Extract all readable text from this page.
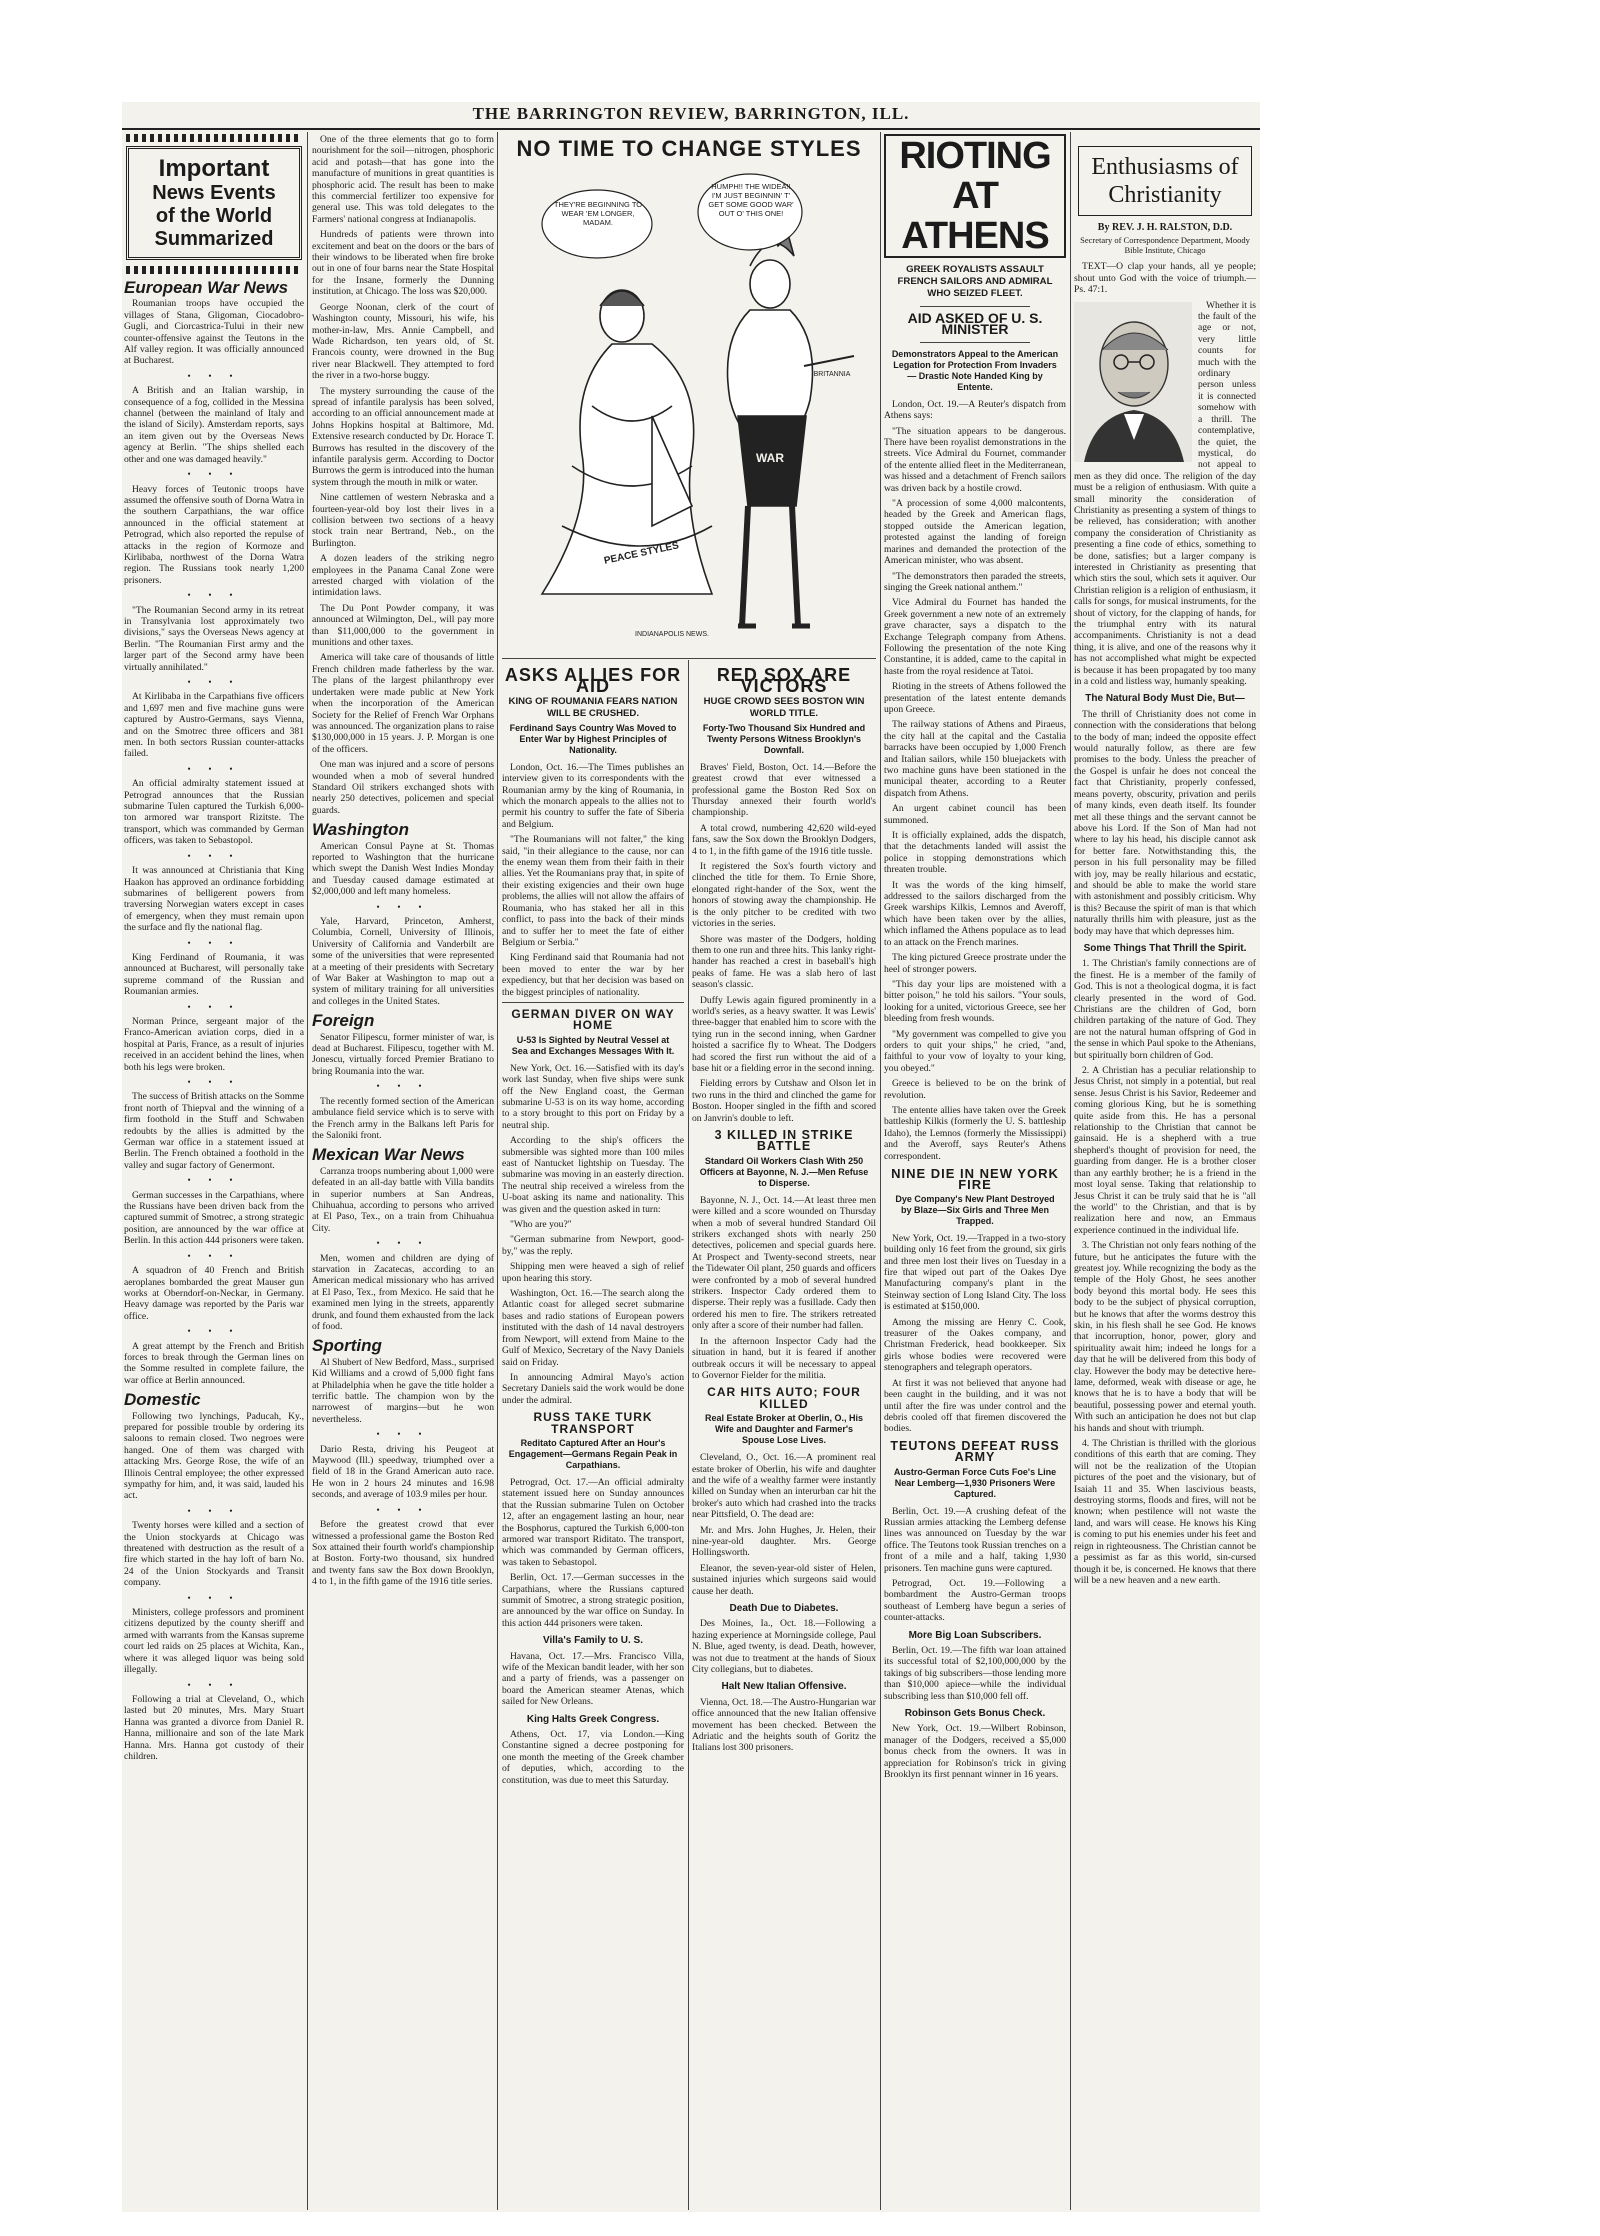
THE BARRINGTON REVIEW, BARRINGTON, ILL.
Important
News Events
of the World
Summarized
European War News

Roumanian troops have occupied the villages of Stana, Gligoman, Ciocadobro-Gugli, and Ciorcastrica-Tului in their new counter-offensive against the Teutons in the Alf valley region. It was officially announced at Bucharest.

• • •

A British and an Italian warship, in consequence of a fog, collided in the Messina channel (between the mainland of Italy and the island of Sicily). Amsterdam reports, says an item given out by the Overseas News agency at Berlin. "The ships shelled each other and one was damaged heavily."

• • •

Heavy forces of Teutonic troops have assumed the offensive south of Dorna Watra in the southern Carpathians, the war office announced in the official statement at Petrograd, which also reported the repulse of attacks in the region of Kormoze and Kirlibaba, northwest of the Dorna Watra region. The Russians took nearly 1,200 prisoners.

• • •

"The Roumanian Second army in its retreat in Transylvania lost approximately two divisions," says the Overseas News agency at Berlin. "The Roumanian First army and the larger part of the Second army have been virtually annihilated."

• • •

At Kirlibaba in the Carpathians five officers and 1,697 men and five machine guns were captured by Austro-Germans, says Vienna, and on the Smotrec three officers and 381 men. In both sectors Russian counter-attacks failed.

• • •

An official admiralty statement issued at Petrograd announces that the Russian submarine Tulen captured the Turkish 6,000-ton armored war transport Rizitste. The transport, which was commanded by German officers, was taken to Sebastopol.

• • •

It was announced at Christiania that King Haakon has approved an ordinance forbidding submarines of belligerent powers from traversing Norwegian waters except in cases of emergency, when they must remain upon the surface and fly the national flag.

• • •

King Ferdinand of Roumania, it was announced at Bucharest, will personally take supreme command of the Russian and Roumanian armies.

• • •

Norman Prince, sergeant major of the Franco-American aviation corps, died in a hospital at Paris, France, as a result of injuries received in an accident behind the lines, when both his legs were broken.

• • •

The success of British attacks on the Somme front north of Thiepval and the winning of a firm foothold in the Stuff and Schwaben redoubts by the allies is admitted by the German war office in a statement issued at Berlin. The French obtained a foothold in the valley and sugar factory of Genermont.

• • •

German successes in the Carpathians, where the Russians have been driven back from the captured summit of Smotrec, a strong strategic position, are announced by the war office at Berlin. In this action 444 prisoners were taken.

• • •

A squadron of 40 French and British aeroplanes bombarded the great Mauser gun works at Oberndorf-on-Neckar, in Germany. Heavy damage was reported by the Paris war office.

• • •

A great attempt by the French and British forces to break through the German lines on the Somme resulted in complete failure, the war office at Berlin announced.

Domestic

Following two lynchings, Paducah, Ky., prepared for possible trouble by ordering its saloons to remain closed. Two negroes were hanged. One of them was charged with attacking Mrs. George Rose, the wife of an Illinois Central employee; the other expressed sympathy for him, and, it was said, lauded his act.

• • •

Twenty horses were killed and a section of the Union stockyards at Chicago was threatened with destruction as the result of a fire which started in the hay loft of barn No. 24 of the Union Stockyards and Transit company.

• • •

Ministers, college professors and prominent citizens deputized by the county sheriff and armed with warrants from the Kansas supreme court led raids on 25 places at Wichita, Kan., where it was alleged liquor was being sold illegally.

• • •

Following a trial at Cleveland, O., which lasted but 20 minutes, Mrs. Mary Stuart Hanna was granted a divorce from Daniel R. Hanna, millionaire and son of the late Mark Hanna. Mrs. Hanna got custody of their children.

One of the three elements that go to form nourishment for the soil—nitrogen, phosphoric acid and potash—that has gone into the manufacture of munitions in great quantities is phosphoric acid. The result has been to make this commercial fertilizer too expensive for general use. This was told delegates to the Farmers' national congress at Indianapolis.

Hundreds of patients were thrown into excitement and beat on the doors or the bars of their windows to be liberated when fire broke out in one of four barns near the State Hospital for the Insane, formerly the Dunning institution, at Chicago. The loss was $20,000.

George Noonan, clerk of the court of Washington county, Missouri, his wife, his mother-in-law, Mrs. Annie Campbell, and Wade Richardson, ten years old, of St. Francois county, were drowned in the Bug river near Blackwell. They attempted to ford the river in a two-horse buggy.

The mystery surrounding the cause of the spread of infantile paralysis has been solved, according to an official announcement made at Johns Hopkins hospital at Baltimore, Md. Extensive research conducted by Dr. Horace T. Burrows has resulted in the discovery of the infantile paralysis germ. According to Doctor Burrows the germ is introduced into the human system through the mouth in milk or water.

Nine cattlemen of western Nebraska and a fourteen-year-old boy lost their lives in a collision between two sections of a heavy stock train near Bertrand, Neb., on the Burlington.

A dozen leaders of the striking negro employees in the Panama Canal Zone were arrested charged with violation of the intimidation laws.

The Du Pont Powder company, it was announced at Wilmington, Del., will pay more than $11,000,000 to the government in munitions and other taxes.

America will take care of thousands of little French children made fatherless by the war. The plans of the largest philanthropy ever undertaken were made public at New York when the incorporation of the American Society for the Relief of French War Orphans was announced. The organization plans to raise $130,000,000 in 15 years. J. P. Morgan is one of the officers.

One man was injured and a score of persons wounded when a mob of several hundred Standard Oil strikers exchanged shots with nearly 250 detectives, policemen and special guards.

Washington

American Consul Payne at St. Thomas reported to Washington that the hurricane which swept the Danish West Indies Monday and Tuesday caused damage estimated at $2,000,000 and left many homeless.

• • •

Yale, Harvard, Princeton, Amherst, Columbia, Cornell, University of Illinois, University of California and Vanderbilt are some of the universities that were represented at a meeting of their presidents with Secretary of War Baker at Washington to map out a system of military training for all universities and colleges in the United States.

Foreign

Senator Filipescu, former minister of war, is dead at Bucharest. Filipescu, together with M. Jonescu, virtually forced Premier Bratiano to bring Roumania into the war.

• • •

The recently formed section of the American ambulance field service which is to serve with the French army in the Balkans left Paris for the Saloniki front.

Mexican War News

Carranza troops numbering about 1,000 were defeated in an all-day battle with Villa bandits in superior numbers at San Andreas, Chihuahua, according to persons who arrived at El Paso, Tex., on a train from Chihuahua City.

• • •

Men, women and children are dying of starvation in Zacatecas, according to an American medical missionary who has arrived at El Paso, Tex., from Mexico. He said that he examined men lying in the streets, apparently drunk, and found them exhausted from the lack of food.

Sporting

Al Shubert of New Bedford, Mass., surprised Kid Williams and a crowd of 5,000 fight fans at Philadelphia when he gave the title holder a terrific battle. The champion won by the narrowest of margins—but he won nevertheless.

• • •

Dario Resta, driving his Peugeot at Maywood (Ill.) speedway, triumphed over a field of 18 in the Grand American auto race. He won in 2 hours 24 minutes and 16.98 seconds, and average of 103.9 miles per hour.

• • •

Before the greatest crowd that ever witnessed a professional game the Boston Red Sox attained their fourth world's championship at Boston. Forty-two thousand, six hundred and twenty fans saw the Box down Brooklyn, 4 to 1, in the fifth game of the 1916 title series.

NO TIME TO CHANGE STYLES
WAR
PEACE STYLES
BRITANNIA
THEY'RE BEGINNING TO WEAR 'EM LONGER, MADAM.
HUMPH!! THE WIDEA!! I'M JUST BEGINNIN' T' GET SOME GOOD WAR' OUT O' THIS ONE!
INDIANAPOLIS NEWS.
ASKS ALLIES FOR AID
KING OF ROUMANIA FEARS NATION WILL BE CRUSHED.
Ferdinand Says Country Was Moved to Enter War by Highest Principles of Nationality.

London, Oct. 16.—The Times publishes an interview given to its correspondents with the Roumanian army by the king of Roumania, in which the monarch appeals to the allies not to permit his country to suffer the fate of Siberia and Belgium.

"The Roumanians will not falter," the king said, "in their allegiance to the cause, nor can the enemy wean them from their faith in their allies. Yet the Roumanians pray that, in spite of their existing exigencies and their own huge problems, the allies will not allow the affairs of Roumania, who has staked her all in this conflict, to pass into the back of their minds and to suffer her to meet the fate of either Belgium or Serbia."

King Ferdinand said that Roumania had not been moved to enter the war by her expediency, but that her decision was based on the biggest principles of nationality.

GERMAN DIVER ON WAY HOME
U-53 Is Sighted by Neutral Vessel at Sea and Exchanges Messages With It.

New York, Oct. 16.—Satisfied with its day's work last Sunday, when five ships were sunk off the New England coast, the German submarine U-53 is on its way home, according to a story brought to this port on Friday by a neutral ship.

According to the ship's officers the submersible was sighted more than 100 miles east of Nantucket lightship on Tuesday. The submarine was moving in an easterly direction. The neutral ship received a wireless from the U-boat asking its name and nationality. This was given and the question asked in turn:

"Who are you?"

"German submarine from Newport, good-by," was the reply.

Shipping men were heaved a sigh of relief upon hearing this story.

Washington, Oct. 16.—The search along the Atlantic coast for alleged secret submarine bases and radio stations of European powers instituted with the dash of 14 naval destroyers from Newport, will extend from Maine to the Gulf of Mexico, Secretary of the Navy Daniels said on Friday.

In announcing Admiral Mayo's action Secretary Daniels said the work would be done under the admiral.

RUSS TAKE TURK TRANSPORT
Reditato Captured After an Hour's Engagement—Germans Regain Peak in Carpathians.

Petrograd, Oct. 17.—An official admiralty statement issued here on Sunday announces that the Russian submarine Tulen on October 12, after an engagement lasting an hour, near the Bosphorus, captured the Turkish 6,000-ton armored war transport Riditato. The transport, which was commanded by German officers, was taken to Sebastopol.

Berlin, Oct. 17.—German successes in the Carpathians, where the Russians captured summit of Smotrec, a strong strategic position, are announced by the war office on Sunday. In this action 444 prisoners were taken.

Villa's Family to U. S.

Havana, Oct. 17.—Mrs. Francisco Villa, wife of the Mexican bandit leader, with her son and a party of friends, was a passenger on board the American steamer Atenas, which sailed for New Orleans.

King Halts Greek Congress.

Athens, Oct. 17, via London.—King Constantine signed a decree postponing for one month the meeting of the Greek chamber of deputies, which, according to the constitution, was due to meet this Saturday.

RED SOX ARE VICTORS
HUGE CROWD SEES BOSTON WIN WORLD TITLE.
Forty-Two Thousand Six Hundred and Twenty Persons Witness Brooklyn's Downfall.

Braves' Field, Boston, Oct. 14.—Before the greatest crowd that ever witnessed a professional game the Boston Red Sox on Thursday annexed their fourth world's championship.

A total crowd, numbering 42,620 wild-eyed fans, saw the Sox down the Brooklyn Dodgers, 4 to 1, in the fifth game of the 1916 title tussle.

It registered the Sox's fourth victory and clinched the title for them. To Ernie Shore, elongated right-hander of the Sox, went the honors of stowing away the championship. He is the only pitcher to be credited with two victories in the series.

Shore was master of the Dodgers, holding them to one run and three hits. This lanky right-hander has reached a crest in baseball's high peaks of fame. He was a slab hero of last season's classic.

Duffy Lewis again figured prominently in a world's series, as a heavy swatter. It was Lewis' three-bagger that enabled him to score with the tying run in the second inning, when Gardner hoisted a sacrifice fly to Wheat. The Dodgers had scored the first run without the aid of a base hit or a fielding error in the second inning.

Fielding errors by Cutshaw and Olson let in two runs in the third and clinched the game for Boston. Hooper singled in the fifth and scored on Janvrin's double to left.

3 KILLED IN STRIKE BATTLE
Standard Oil Workers Clash With 250 Officers at Bayonne, N. J.—Men Refuse to Disperse.

Bayonne, N. J., Oct. 14.—At least three men were killed and a score wounded on Thursday when a mob of several hundred Standard Oil strikers exchanged shots with nearly 250 detectives, policemen and special guards here. At Prospect and Twenty-second streets, near the Tidewater Oil plant, 250 guards and officers were confronted by a mob of several hundred strikers. Inspector Cady ordered them to disperse. Their reply was a fusillade. Cady then ordered his men to fire. The strikers retreated only after a score of their number had fallen.

In the afternoon Inspector Cady had the situation in hand, but it is feared if another outbreak occurs it will be necessary to appeal to Governor Fielder for the militia.

CAR HITS AUTO; FOUR KILLED
Real Estate Broker at Oberlin, O., His Wife and Daughter and Farmer's Spouse Lose Lives.

Cleveland, O., Oct. 16.—A prominent real estate broker of Oberlin, his wife and daughter and the wife of a wealthy farmer were instantly killed on Sunday when an interurban car hit the broker's auto which had crashed into the tracks near Pittsfield, O. The dead are:

Mr. and Mrs. John Hughes, Jr. Helen, their nine-year-old daughter. Mrs. George Hollingsworth.

Eleanor, the seven-year-old sister of Helen, sustained injuries which surgeons said would cause her death.

Death Due to Diabetes.

Des Moines, Ia., Oct. 18.—Following a hazing experience at Morningside college, Paul N. Blue, aged twenty, is dead. Death, however, was not due to treatment at the hands of Sioux City collegians, but to diabetes.

Halt New Italian Offensive.

Vienna, Oct. 18.—The Austro-Hungarian war office announced that the new Italian offensive movement has been checked. Between the Adriatic and the heights south of Goritz the Italians lost 300 prisoners.

RIOTING AT ATHENS
GREEK ROYALISTS ASSAULT FRENCH SAILORS AND ADMIRAL WHO SEIZED FLEET.
AID ASKED OF U. S. MINISTER
Demonstrators Appeal to the American Legation for Protection From Invaders — Drastic Note Handed King by Entente.

London, Oct. 19.—A Reuter's dispatch from Athens says:

"The situation appears to be dangerous. There have been royalist demonstrations in the streets. Vice Admiral du Fournet, commander of the entente allied fleet in the Mediterranean, was hissed and a detachment of French sailors was driven back by a hostile crowd.

"A procession of some 4,000 malcontents, headed by the Greek and American flags, stopped outside the American legation, protested against the landing of foreign marines and demanded the protection of the American minister, who was absent.

"The demonstrators then paraded the streets, singing the Greek national anthem."

Vice Admiral du Fournet has handed the Greek government a new note of an extremely grave character, says a dispatch to the Exchange Telegraph company from Athens. Following the presentation of the note King Constantine, it is added, came to the capital in haste from the royal residence at Tatoi.

Rioting in the streets of Athens followed the presentation of the latest entente demands upon Greece.

The railway stations of Athens and Piraeus, the city hall at the capital and the Castalia barracks have been occupied by 1,000 French and Italian sailors, while 150 bluejackets with two machine guns have been stationed in the municipal theater, according to a Reuter dispatch from Athens.

An urgent cabinet council has been summoned.

It is officially explained, adds the dispatch, that the detachments landed will assist the police in stopping demonstrations which threaten trouble.

It was the words of the king himself, addressed to the sailors discharged from the Greek warships Kilkis, Lemnos and Averoff, which have been taken over by the allies, which inflamed the Athens populace as to lead to an attack on the French marines.

The king pictured Greece prostrate under the heel of stronger powers.

"This day your lips are moistened with a bitter poison," he told his sailors. "Your souls, looking for a united, victorious Greece, see her bleeding from fresh wounds.

"My government was compelled to give you orders to quit your ships," he cried, "and, faithful to your vow of loyalty to your king, you obeyed."

Greece is believed to be on the brink of revolution.

The entente allies have taken over the Greek battleship Kilkis (formerly the U. S. battleship Idaho), the Lemnos (formerly the Mississippi) and the Averoff, says Reuter's Athens correspondent.

NINE DIE IN NEW YORK FIRE
Dye Company's New Plant Destroyed by Blaze—Six Girls and Three Men Trapped.

New York, Oct. 19.—Trapped in a two-story building only 16 feet from the ground, six girls and three men lost their lives on Tuesday in a fire that wiped out part of the Oakes Dye Manufacturing company's plant in the Steinway section of Long Island City. The loss is estimated at $150,000.

Among the missing are Henry C. Cook, treasurer of the Oakes company, and Christman Frederick, head bookkeeper. Six girls whose bodies were recovered were stenographers and telegraph operators.

At first it was not believed that anyone had been caught in the building, and it was not until after the fire was under control and the debris cooled off that firemen discovered the bodies.

TEUTONS DEFEAT RUSS ARMY
Austro-German Force Cuts Foe's Line Near Lemberg—1,930 Prisoners Were Captured.

Berlin, Oct. 19.—A crushing defeat of the Russian armies attacking the Lemberg defense lines was announced on Tuesday by the war office. The Teutons took Russian trenches on a front of a mile and a half, taking 1,930 prisoners. Ten machine guns were captured.

Petrograd, Oct. 19.—Following a bombardment the Austro-German troops southeast of Lemberg have begun a series of counter-attacks.

More Big Loan Subscribers.

Berlin, Oct. 19.—The fifth war loan attained its successful total of $2,100,000,000 by the takings of big subscribers—those lending more than $10,000 apiece—while the individual subscribing less than $10,000 fell off.

Robinson Gets Bonus Check.

New York, Oct. 19.—Wilbert Robinson, manager of the Dodgers, received a $5,000 bonus check from the owners. It was in appreciation for Robinson's trick in giving Brooklyn its first pennant winner in 16 years.

Enthusiasms of
Christianity
By REV. J. H. RALSTON, D.D.
Secretary of Correspondence Department, Moody Bible Institute, Chicago

TEXT—O clap your hands, all ye people; shout unto God with the voice of triumph.—Ps. 47:1.

Whether it is the fault of the age or not, very little counts for much with the ordinary person unless it is connected somehow with a thrill. The contemplative, the quiet, the mystical, do not appeal to men as they did once. The religion of the day must be a religion of enthusiasm. With quite a small minority the consideration of Christianity as presenting a system of things to be relieved, has consideration; with another company the consideration of Christianity as presenting a fine code of ethics, something to be done, satisfies; but a larger company is interested in Christianity as presenting that which stirs the soul, which sets it aquiver. Our Christian religion is a religion of enthusiasm, it calls for songs, for musical instruments, for the shout of victory, for the clapping of hands, for the triumphal entry with its natural accompaniments. Christianity is not a dead thing, it is alive, and one of the reasons why it has not accomplished what might be expected is because it has been propagated by too many in a cold and listless way, humanly speaking.

The Natural Body Must Die, But—

The thrill of Christianity does not come in connection with the considerations that belong to the body of man; indeed the opposite effect would naturally follow, as there are few promises to the body. Unless the preacher of the Gospel is unfair he does not conceal the fact that Christianity, properly confessed, means poverty, obscurity, privation and perils of many kinds, even death itself. Its founder met all these things and the servant cannot be above his Lord. If the Son of Man had not where to lay his head, his disciple cannot ask for better fare. Notwithstanding this, the person in his full personality may be filled with joy, may be really hilarious and ecstatic, and should be able to make the world stare with astonishment and possibly criticism. Why is this? Because the spirit of man is that which naturally thrills him with pleasure, just as the body may have that which depresses him.

Some Things That Thrill the Spirit.

1. The Christian's family connections are of the finest. He is a member of the family of God. This is not a theological dogma, it is fact clearly presented in the word of God. Christians are the children of God, born children partaking of the nature of God. They are not the natural human offspring of God in the sense in which Paul spoke to the Athenians, but spiritually born children of God.

2. A Christian has a peculiar relationship to Jesus Christ, not simply in a potential, but real sense. Jesus Christ is his Savior, Redeemer and coming glorious King, but he is something quite aside from this. He has a personal relationship to the Christian that cannot be gainsaid. He is a shepherd with a true shepherd's thought of provision for need, the guarding from danger. He is a brother closer than any earthly brother; he is a friend in the most loyal sense. Taking that relationship to Jesus Christ it can be truly said that he is "all the world" to the Christian, and that is by realization here and now, an Emmaus experience continued in the individual life.

3. The Christian not only fears nothing of the future, but he anticipates the future with the greatest joy. While recognizing the body as the temple of the Holy Ghost, he sees another body beyond this mortal body. He sees this body to be the subject of physical corruption, but he knows that after the worms destroy this skin, in his flesh shall he see God. He knows that incorruption, honor, power, glory and spirituality await him; indeed he longs for a day that he will be delivered from this body of clay. However the body may be detective here-lame, deformed, weak with disease or age, he knows that he is to have a body that will be beautiful, possessing power and eternal youth. With such an anticipation he does not but clap his hands and shout with triumph.

4. The Christian is thrilled with the glorious conditions of this earth that are coming. They will not be the realization of the Utopian pictures of the poet and the visionary, but of Isaiah 11 and 35. When lascivious beasts, destroying storms, floods and fires, will not be known; when pestilence will not waste the land, and wars will cease. He knows his King is coming to put his enemies under his feet and reign in righteousness. The Christian cannot be a pessimist as far as this world, sin-cursed though it be, is concerned. He knows that there will be a new heaven and a new earth.
